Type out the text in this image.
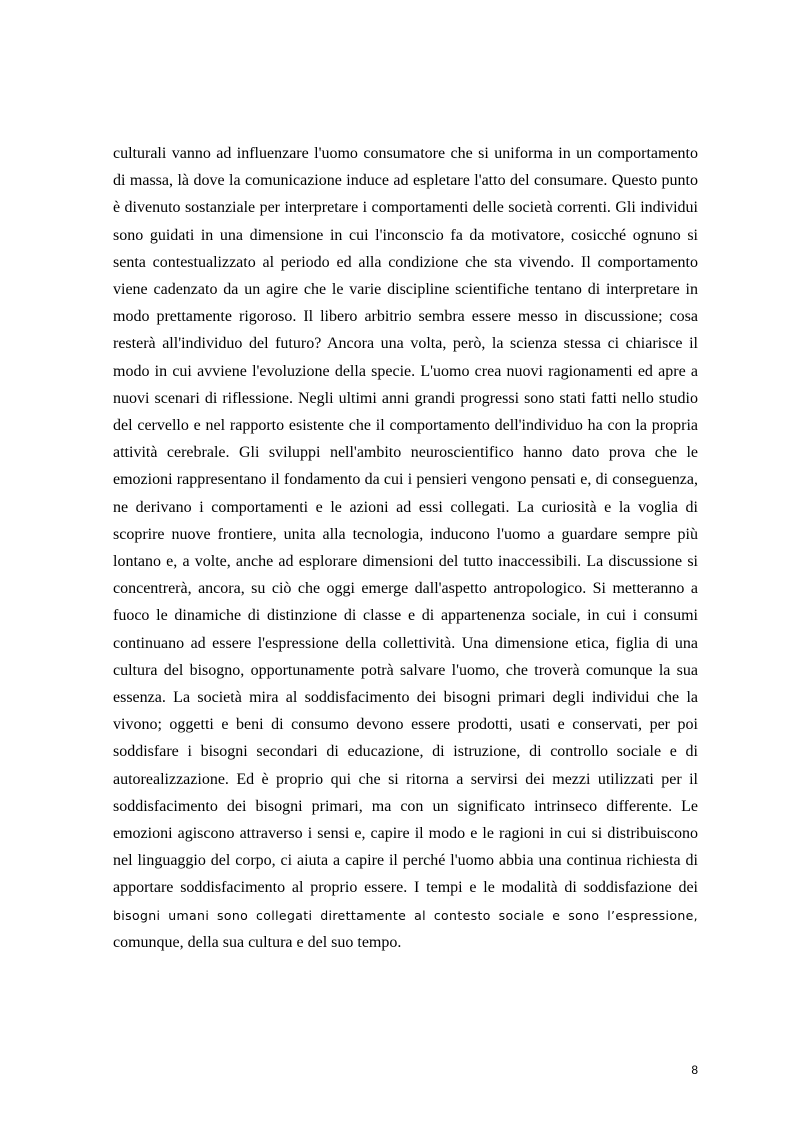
culturali vanno ad influenzare l'uomo consumatore che si uniforma in un comportamento di massa, là dove la comunicazione induce ad espletare l'atto del consumare. Questo punto è divenuto sostanziale per interpretare i comportamenti delle società correnti. Gli individui sono guidati in una dimensione in cui l'inconscio fa da motivatore, cosicché ognuno si senta contestualizzato al periodo ed alla condizione che sta vivendo. Il comportamento viene cadenzato da un agire che le varie discipline scientifiche tentano di interpretare in modo prettamente rigoroso. Il libero arbitrio sembra essere messo in discussione; cosa resterà all'individuo del futuro? Ancora una volta, però, la scienza stessa ci chiarisce il modo in cui avviene l'evoluzione della specie. L'uomo crea nuovi ragionamenti ed apre a nuovi scenari di riflessione. Negli ultimi anni grandi progressi sono stati fatti nello studio del cervello e nel rapporto esistente che il comportamento dell'individuo ha con la propria attività cerebrale. Gli sviluppi nell'ambito neuroscientifico hanno dato prova che le emozioni rappresentano il fondamento da cui i pensieri vengono pensati e, di conseguenza, ne derivano i comportamenti e le azioni ad essi collegati. La curiosità e la voglia di scoprire nuove frontiere, unita alla tecnologia, inducono l'uomo a guardare sempre più lontano e, a volte, anche ad esplorare dimensioni del tutto inaccessibili. La discussione si concentrerà, ancora, su ciò che oggi emerge dall'aspetto antropologico. Si metteranno a fuoco le dinamiche di distinzione di classe e di appartenenza sociale, in cui i consumi continuano ad essere l'espressione della collettività. Una dimensione etica, figlia di una cultura del bisogno, opportunamente potrà salvare l'uomo, che troverà comunque la sua essenza. La società mira al soddisfacimento dei bisogni primari degli individui che la vivono; oggetti e beni di consumo devono essere prodotti, usati e conservati, per poi soddisfare i bisogni secondari di educazione, di istruzione, di controllo sociale e di autorealizzazione. Ed è proprio qui che si ritorna a servirsi dei mezzi utilizzati per il soddisfacimento dei bisogni primari, ma con un significato intrinseco differente. Le emozioni agiscono attraverso i sensi e, capire il modo e le ragioni in cui si distribuiscono nel linguaggio del corpo, ci aiuta a capire il perché l'uomo abbia una continua richiesta di apportare soddisfacimento al proprio essere. I tempi e le modalità di soddisfazione dei bisogni umani sono collegati direttamente al contesto sociale e sono l’espressione, comunque, della sua cultura e del suo tempo.

8
